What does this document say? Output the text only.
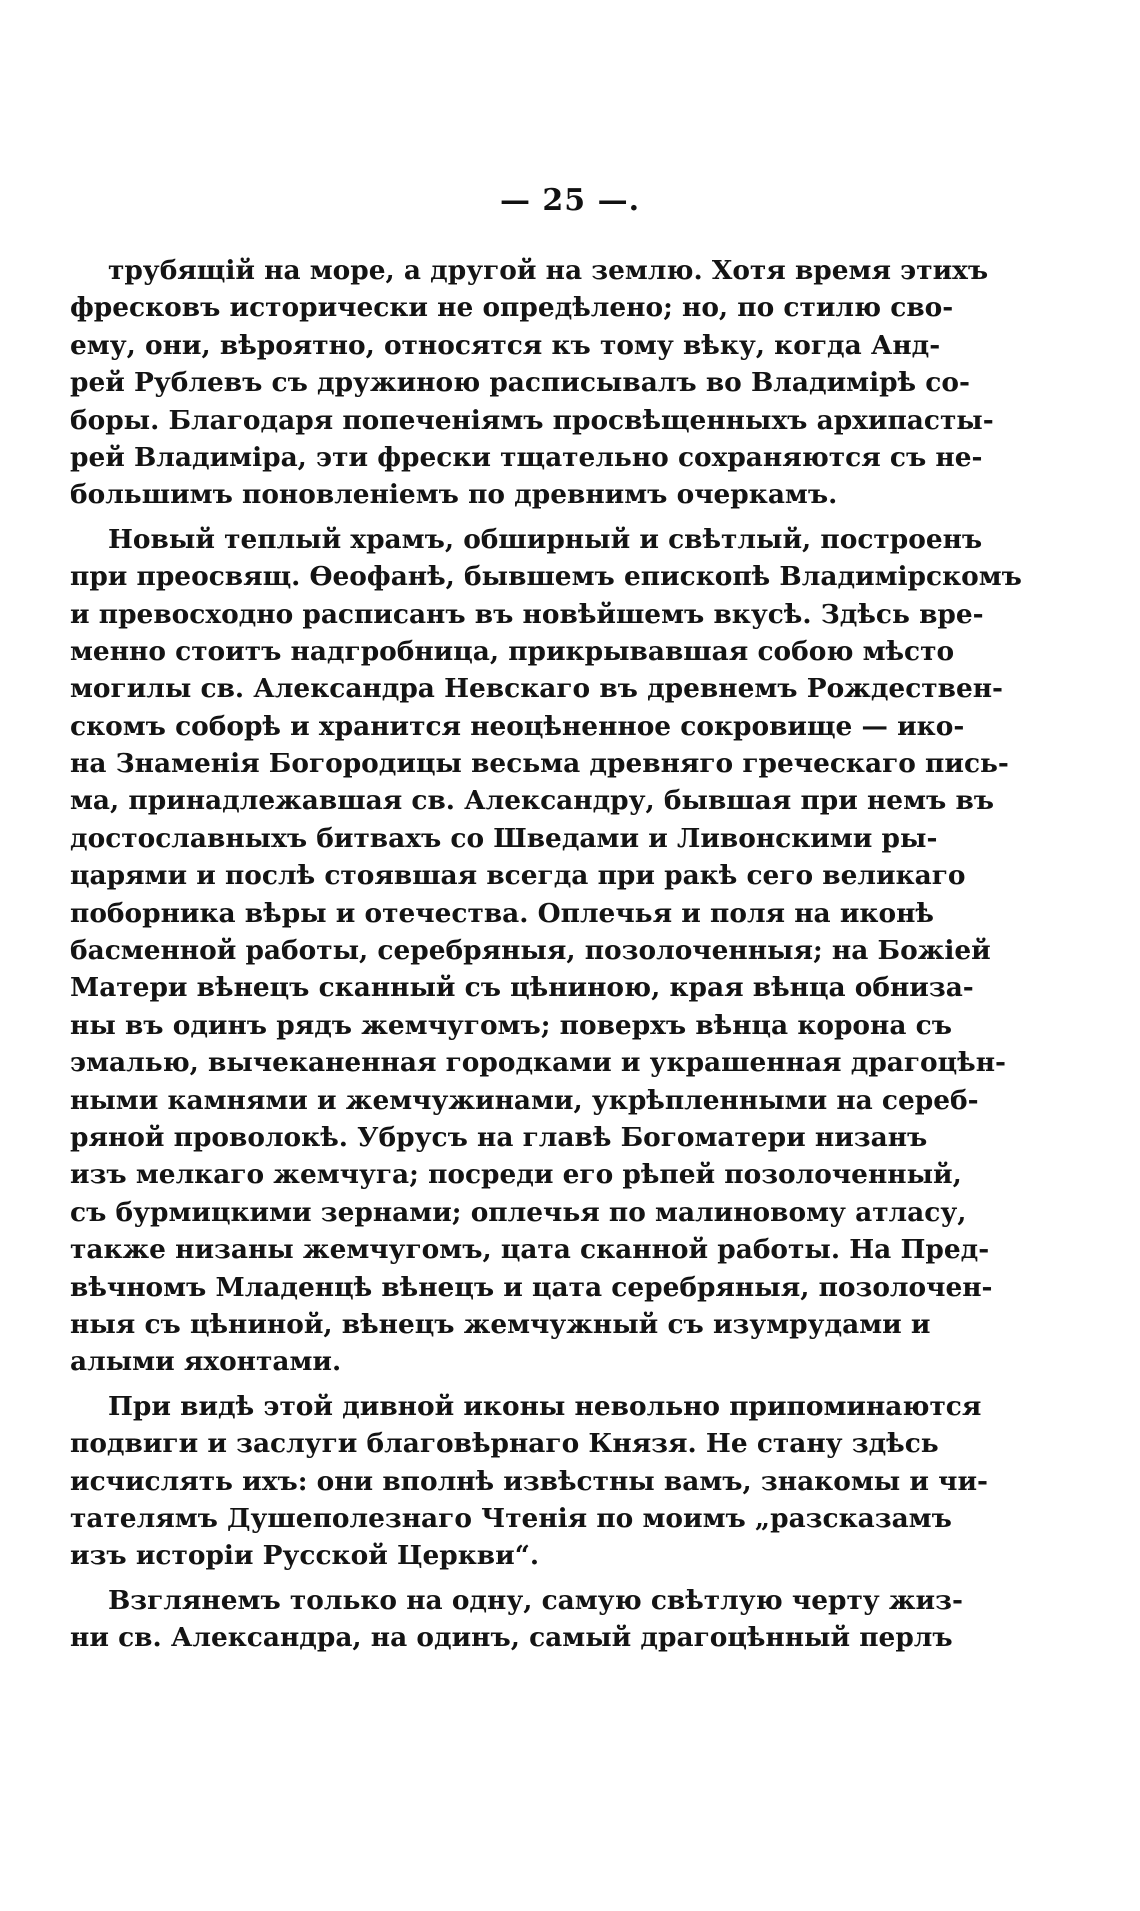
— 25 —.
трубящій на море, а другой на землю. Хотя время этихъ
фресковъ исторически не опредѣлено; но, по стилю сво-
ему, они, вѣроятно, относятся къ тому вѣку, когда Анд-
рей Рублевъ съ дружиною расписывалъ во Владимірѣ со-
боры. Благодаря попеченіямъ просвѣщенныхъ архипасты-
рей Владиміра, эти фрески тщательно сохраняются съ не-
большимъ поновленіемъ по древнимъ очеркамъ.
Новый теплый храмъ, обширный и свѣтлый, построенъ
при преосвящ. Ѳеофанѣ, бывшемъ епископѣ Владимірскомъ
и превосходно расписанъ въ новѣйшемъ вкусѣ. Здѣсь вре-
менно стоитъ надгробница, прикрывавшая собою мѣсто
могилы св. Александра Невскаго въ древнемъ Рождествен-
скомъ соборѣ и хранится неоцѣненное сокровище — ико-
на Знаменія Богородицы весьма древняго греческаго пись-
ма, принадлежавшая св. Александру, бывшая при немъ въ
достославныхъ битвахъ со Шведами и Ливонскими ры-
царями и послѣ стоявшая всегда при ракѣ сего великаго
поборника вѣры и отечества. Оплечья и поля на иконѣ
басменной работы, серебряныя, позолоченныя; на Божіей
Матери вѣнецъ сканный съ цѣниною, края вѣнца обниза-
ны въ одинъ рядъ жемчугомъ; поверхъ вѣнца корона съ
эмалью, вычеканенная городками и украшенная драгоцѣн-
ными камнями и жемчужинами, укрѣпленными на сереб-
ряной проволокѣ. Убрусъ на главѣ Богоматери низанъ
изъ мелкаго жемчуга; посреди его рѣпей позолоченный,
съ бурмицкими зернами; оплечья по малиновому атласу,
также низаны жемчугомъ, цата сканной работы. На Пред-
вѣчномъ Младенцѣ вѣнецъ и цата серебряныя, позолочен-
ныя съ цѣниной, вѣнецъ жемчужный съ изумрудами и
алыми яхонтами.
При видѣ этой дивной иконы невольно припоминаются
подвиги и заслуги благовѣрнаго Князя. Не стану здѣсь
исчислять ихъ: они вполнѣ извѣстны вамъ, знакомы и чи-
тателямъ Душеполезнаго Чтенія по моимъ „разсказамъ
изъ исторіи Русской Церкви“.
Взглянемъ только на одну, самую свѣтлую черту жиз-
ни св. Александра, на одинъ, самый драгоцѣнный перлъ
